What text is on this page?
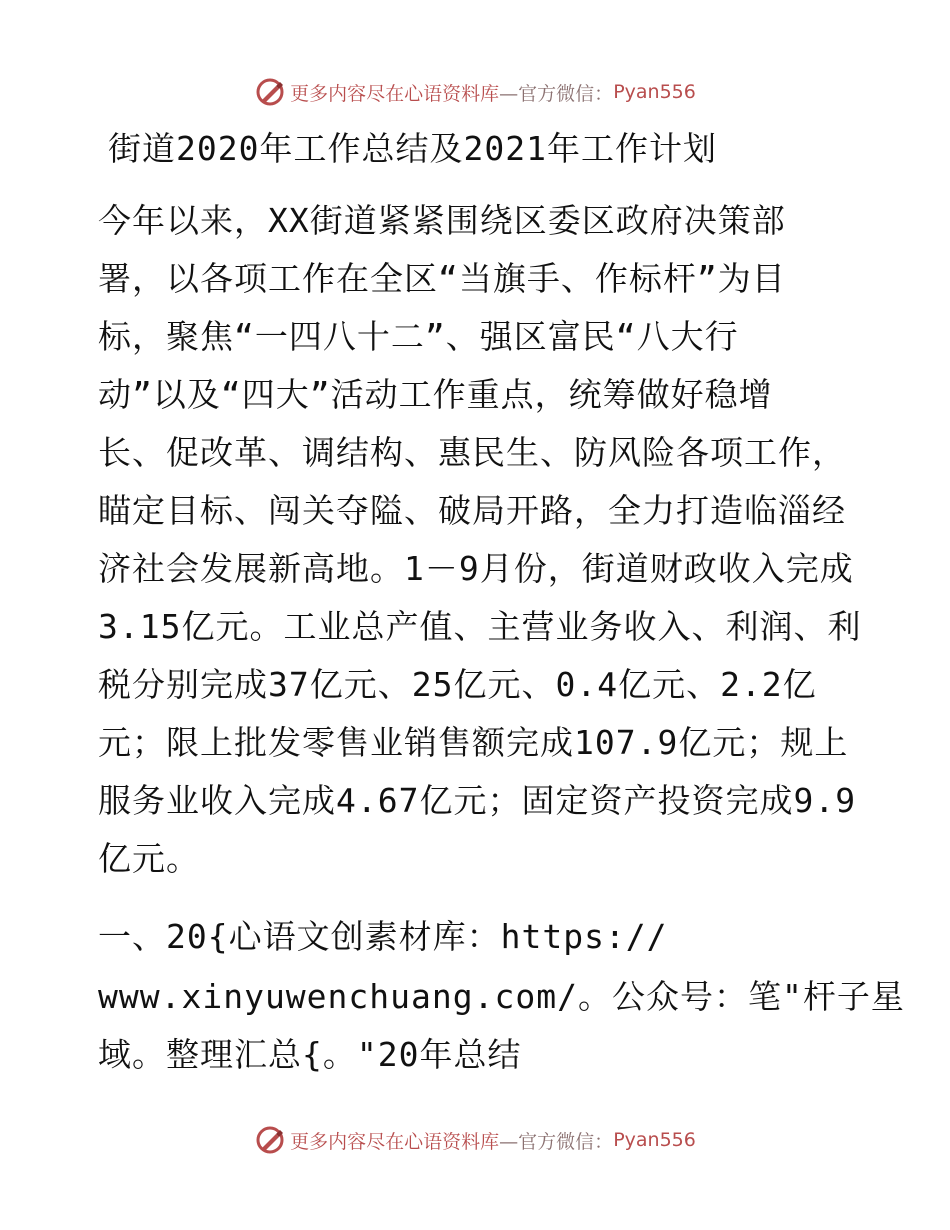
更多内容尽在心语资料库 —官方微信： Pyan556
街道2020年工作总结及2021年工作计划

今年以来，XX街道紧紧围绕区委区政府决策部

署，以各项工作在全区“当旗手、作标杆”为目

标，聚焦“一四八十二”、强区富民“八大行

动”以及“四大”活动工作重点，统筹做好稳增

长、促改革、调结构、惠民生、防风险各项工作，

瞄定目标、闯关夺隘、破局开路，全力打造临淄经

济社会发展新高地。1－9月份，街道财政收入完成

3.15亿元。工业总产值、主营业务收入、利润、利

税分别完成37亿元、25亿元、0.4亿元、2.2亿

元；限上批发零售业销售额完成107.9亿元；规上

服务业收入完成4.67亿元；固定资产投资完成9.9

亿元。

一、20{心语文创素材库：https://

www.xinyuwenchuang.com/。公众号：笔"杆子星

域。整理汇总{。"20年总结

更多内容尽在心语资料库 —官方微信： Pyan556
